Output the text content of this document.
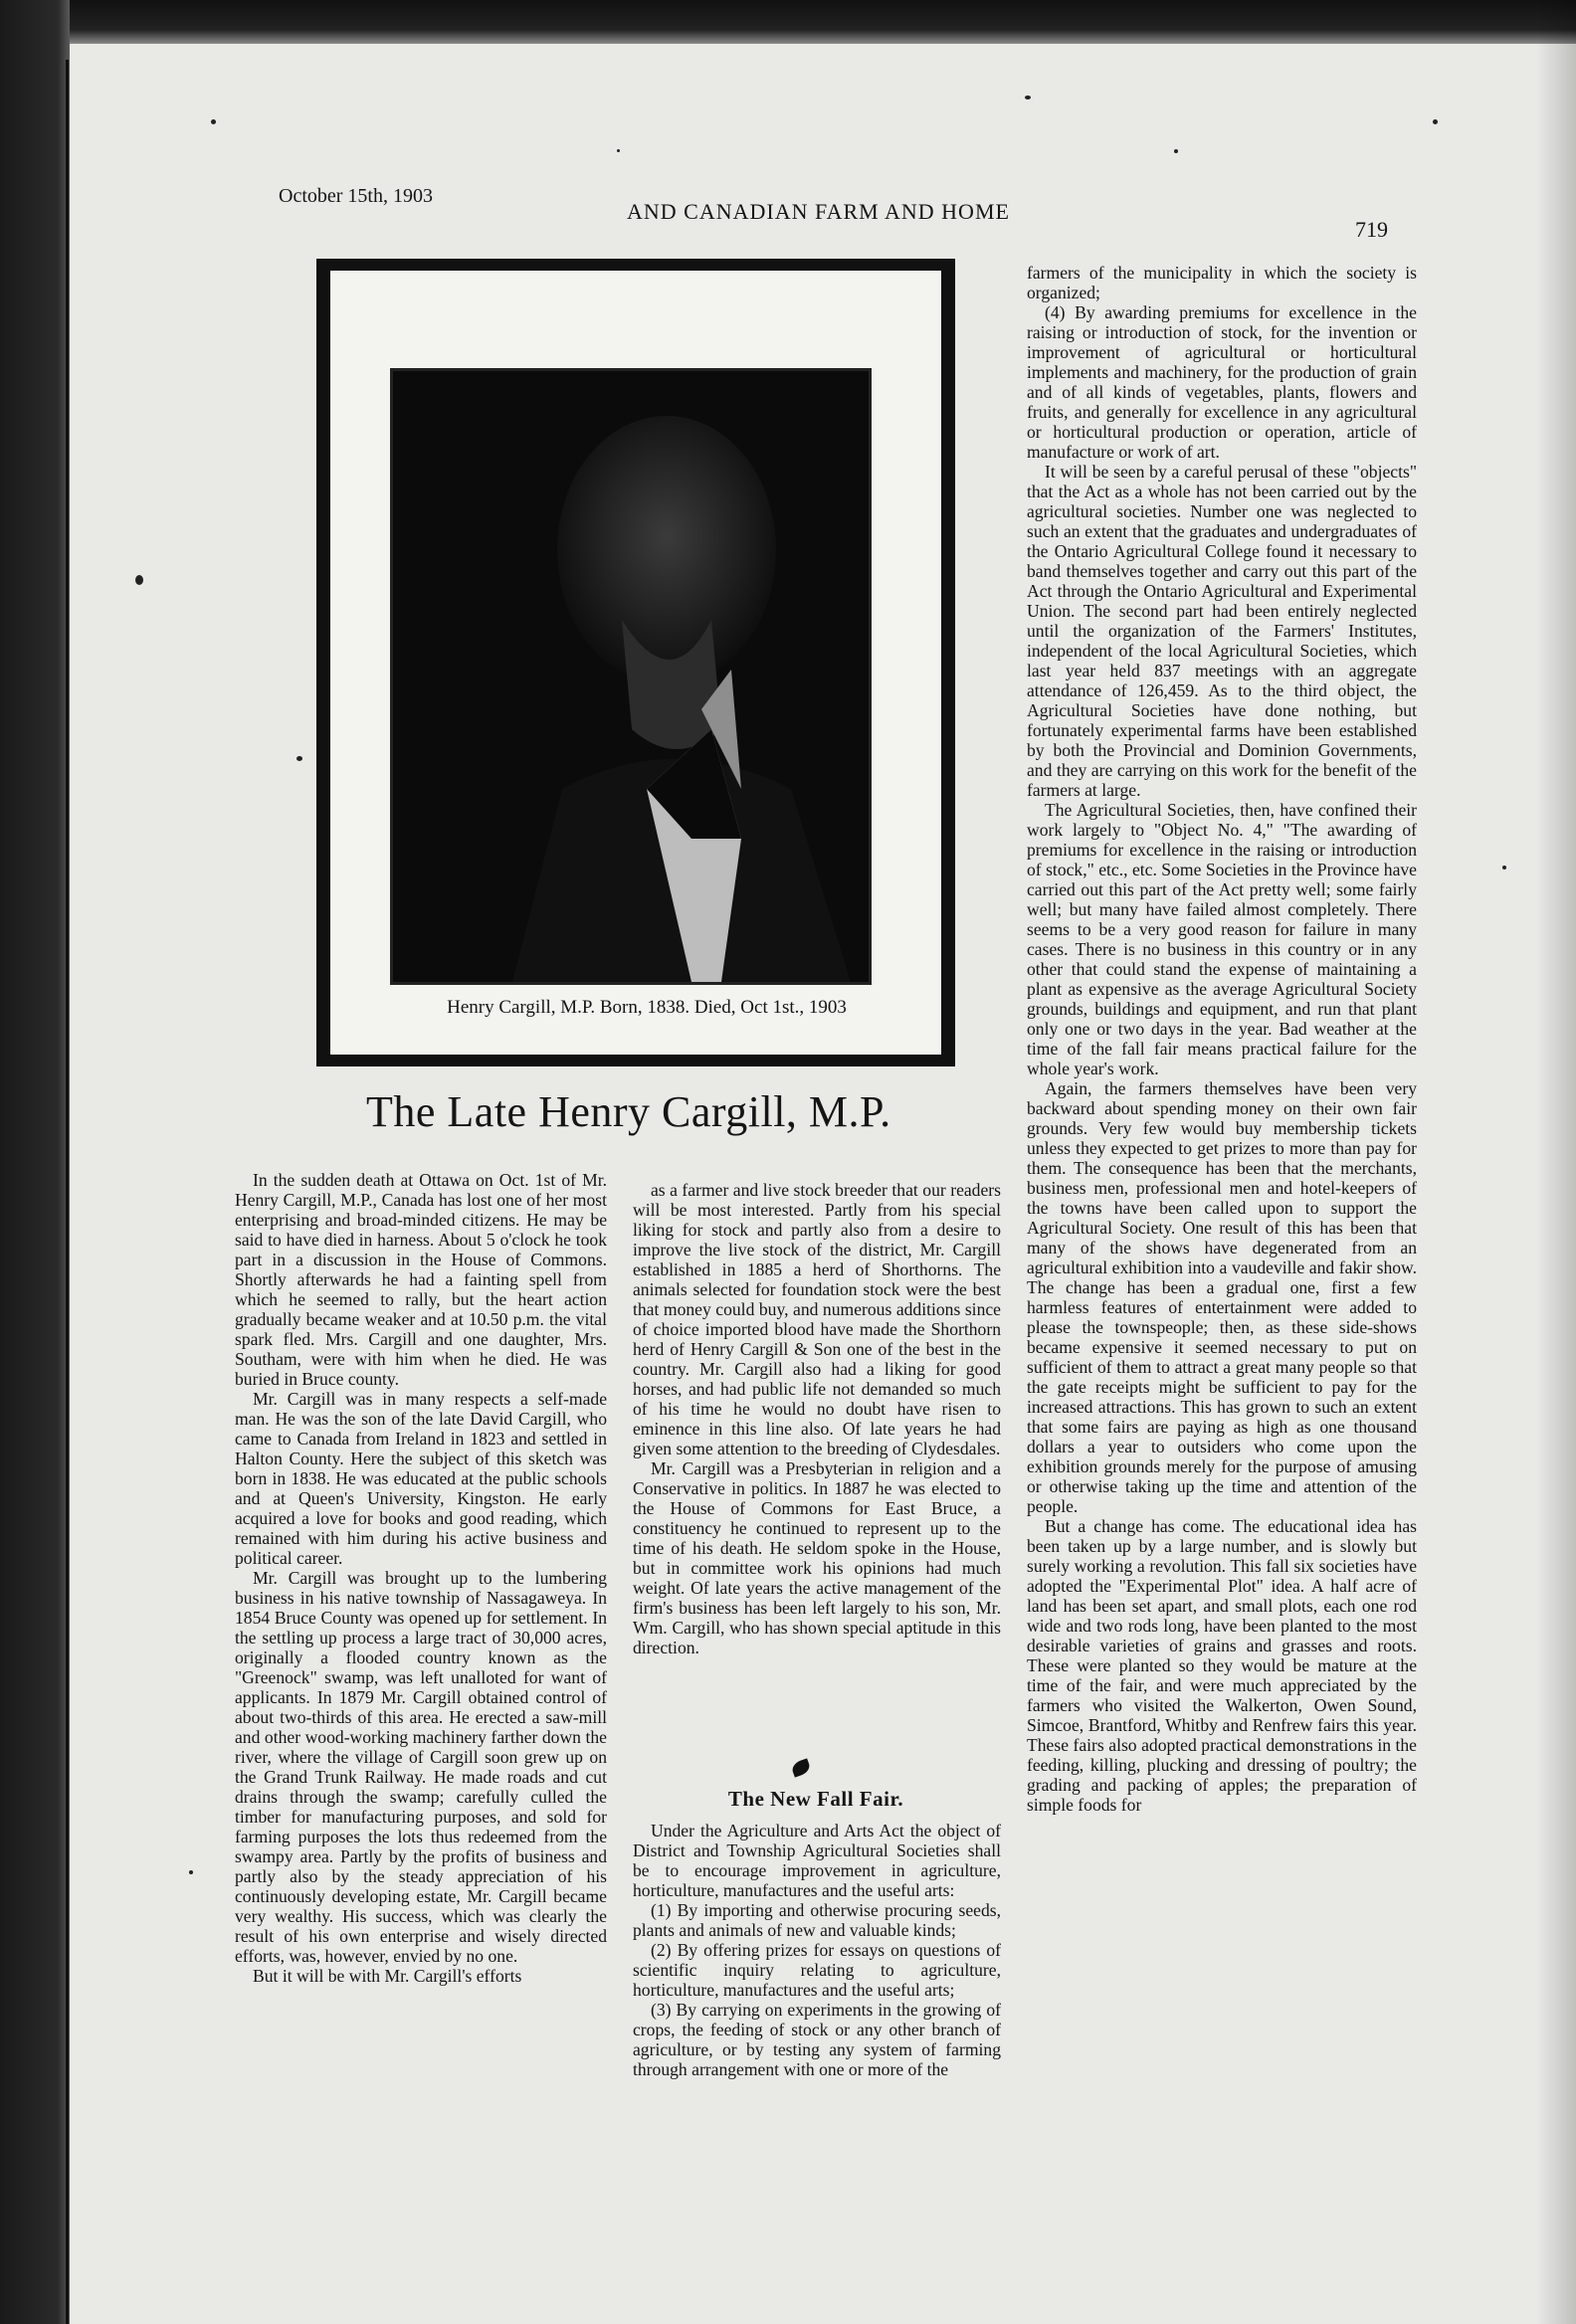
October 15th, 1903
AND CANADIAN FARM AND HOME
719
Henry Cargill, M.P. Born, 1838. Died, Oct 1st., 1903
The Late Henry Cargill, M.P.

In the sudden death at Ottawa on Oct. 1st of Mr. Henry Cargill, M.P., Canada has lost one of her most enterprising and broad-minded citizens. He may be said to have died in harness. About 5 o'clock he took part in a discussion in the House of Commons. Shortly afterwards he had a fainting spell from which he seemed to rally, but the heart action gradually became weaker and at 10.50 p.m. the vital spark fled. Mrs. Cargill and one daughter, Mrs. Southam, were with him when he died. He was buried in Bruce county.

Mr. Cargill was in many respects a self-made man. He was the son of the late David Cargill, who came to Canada from Ireland in 1823 and settled in Halton County. Here the subject of this sketch was born in 1838. He was educated at the public schools and at Queen's University, Kingston. He early acquired a love for books and good reading, which remained with him during his active business and political career.

Mr. Cargill was brought up to the lumbering business in his native township of Nassagaweya. In 1854 Bruce County was opened up for settlement. In the settling up process a large tract of 30,000 acres, originally a flooded country known as the "Greenock" swamp, was left unalloted for want of applicants. In 1879 Mr. Cargill obtained control of about two-thirds of this area. He erected a saw-mill and other wood-working machinery farther down the river, where the village of Cargill soon grew up on the Grand Trunk Railway. He made roads and cut drains through the swamp; carefully culled the timber for manufacturing purposes, and sold for farming purposes the lots thus redeemed from the swampy area. Partly by the profits of business and partly also by the steady appreciation of his continuously developing estate, Mr. Cargill became very wealthy. His success, which was clearly the result of his own enterprise and wisely directed efforts, was, however, envied by no one.

But it will be with Mr. Cargill's efforts

as a farmer and live stock breeder that our readers will be most interested. Partly from his special liking for stock and partly also from a desire to improve the live stock of the district, Mr. Cargill established in 1885 a herd of Shorthorns. The animals selected for foundation stock were the best that money could buy, and numerous additions since of choice imported blood have made the Shorthorn herd of Henry Cargill & Son one of the best in the country. Mr. Cargill also had a liking for good horses, and had public life not demanded so much of his time he would no doubt have risen to eminence in this line also. Of late years he had given some attention to the breeding of Clydesdales.

Mr. Cargill was a Presbyterian in religion and a Conservative in politics. In 1887 he was elected to the House of Commons for East Bruce, a constituency he continued to represent up to the time of his death. He seldom spoke in the House, but in committee work his opinions had much weight. Of late years the active management of the firm's business has been left largely to his son, Mr. Wm. Cargill, who has shown special aptitude in this direction.

The New Fall Fair.

Under the Agriculture and Arts Act the object of District and Township Agricultural Societies shall be to encourage improvement in agriculture, horticulture, manufactures and the useful arts:

(1) By importing and otherwise procuring seeds, plants and animals of new and valuable kinds;

(2) By offering prizes for essays on questions of scientific inquiry relating to agriculture, horticulture, manufactures and the useful arts;

(3) By carrying on experiments in the growing of crops, the feeding of stock or any other branch of agriculture, or by testing any system of farming through arrangement with one or more of the

farmers of the municipality in which the society is organized;

(4) By awarding premiums for excellence in the raising or introduction of stock, for the invention or improvement of agricultural or horticultural implements and machinery, for the production of grain and of all kinds of vegetables, plants, flowers and fruits, and generally for excellence in any agricultural or horticultural production or operation, article of manufacture or work of art.

It will be seen by a careful perusal of these "objects" that the Act as a whole has not been carried out by the agricultural societies. Number one was neglected to such an extent that the graduates and undergraduates of the Ontario Agricultural College found it necessary to band themselves together and carry out this part of the Act through the Ontario Agricultural and Experimental Union. The second part had been entirely neglected until the organization of the Farmers' Institutes, independent of the local Agricultural Societies, which last year held 837 meetings with an aggregate attendance of 126,459. As to the third object, the Agricultural Societies have done nothing, but fortunately experimental farms have been established by both the Provincial and Dominion Governments, and they are carrying on this work for the benefit of the farmers at large.

The Agricultural Societies, then, have confined their work largely to "Object No. 4," "The awarding of premiums for excellence in the raising or introduction of stock," etc., etc. Some Societies in the Province have carried out this part of the Act pretty well; some fairly well; but many have failed almost completely. There seems to be a very good reason for failure in many cases. There is no business in this country or in any other that could stand the expense of maintaining a plant as expensive as the average Agricultural Society grounds, buildings and equipment, and run that plant only one or two days in the year. Bad weather at the time of the fall fair means practical failure for the whole year's work.

Again, the farmers themselves have been very backward about spending money on their own fair grounds. Very few would buy membership tickets unless they expected to get prizes to more than pay for them. The consequence has been that the merchants, business men, professional men and hotel-keepers of the towns have been called upon to support the Agricultural Society. One result of this has been that many of the shows have degenerated from an agricultural exhibition into a vaudeville and fakir show. The change has been a gradual one, first a few harmless features of entertainment were added to please the townspeople; then, as these side-shows became expensive it seemed necessary to put on sufficient of them to attract a great many people so that the gate receipts might be sufficient to pay for the increased attractions. This has grown to such an extent that some fairs are paying as high as one thousand dollars a year to outsiders who come upon the exhibition grounds merely for the purpose of amusing or otherwise taking up the time and attention of the people.

But a change has come. The educational idea has been taken up by a large number, and is slowly but surely working a revolution. This fall six societies have adopted the "Experimental Plot" idea. A half acre of land has been set apart, and small plots, each one rod wide and two rods long, have been planted to the most desirable varieties of grains and grasses and roots. These were planted so they would be mature at the time of the fair, and were much appreciated by the farmers who visited the Walkerton, Owen Sound, Simcoe, Brantford, Whitby and Renfrew fairs this year. These fairs also adopted practical demonstrations in the feeding, killing, plucking and dressing of poultry; the grading and packing of apples; the preparation of simple foods for
